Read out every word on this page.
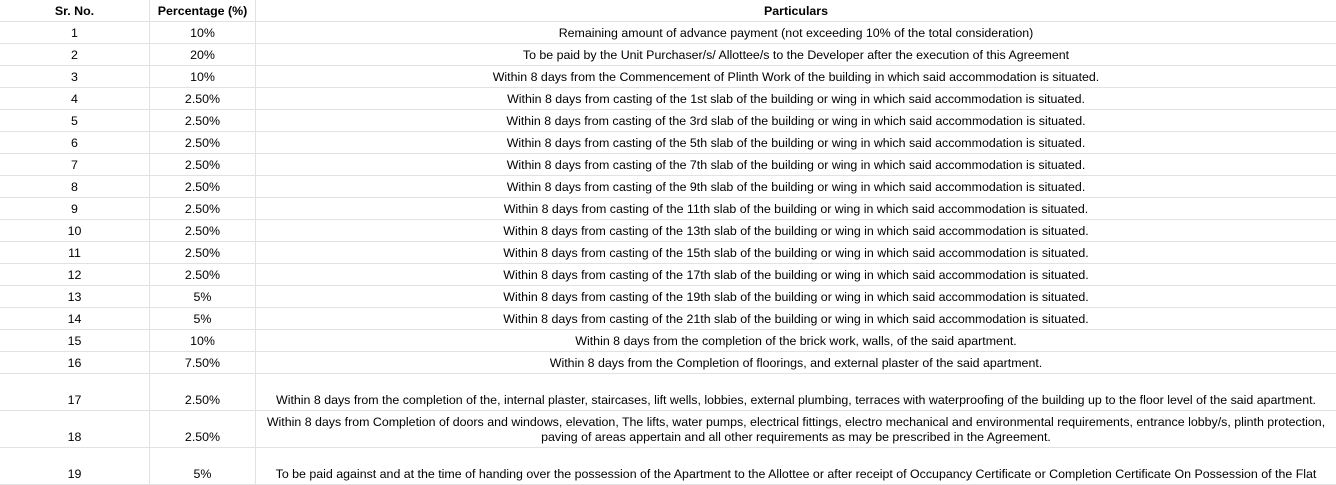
Sr. No.	Percentage (%)	Particulars
1	10%	Remaining amount of advance payment (not exceeding 10% of the total consideration)
2	20%	To be paid by the Unit Purchaser/s/ Allottee/s to the Developer after the execution of this Agreement
3	10%	Within 8 days from the Commencement of Plinth Work of the building in which said accommodation is situated.
4	2.50%	Within 8 days from casting of the 1st slab of the building or wing in which said accommodation is situated.
5	2.50%	Within 8 days from casting of the 3rd slab of the building or wing in which said accommodation is situated.
6	2.50%	Within 8 days from casting of the 5th slab of the building or wing in which said accommodation is situated.
7	2.50%	Within 8 days from casting of the 7th slab of the building or wing in which said accommodation is situated.
8	2.50%	Within 8 days from casting of the 9th slab of the building or wing in which said accommodation is situated.
9	2.50%	Within 8 days from casting of the 11th slab of the building or wing in which said accommodation is situated.
10	2.50%	Within 8 days from casting of the 13th slab of the building or wing in which said accommodation is situated.
11	2.50%	Within 8 days from casting of the 15th slab of the building or wing in which said accommodation is situated.
12	2.50%	Within 8 days from casting of the 17th slab of the building or wing in which said accommodation is situated.
13	5%	Within 8 days from casting of the 19th slab of the building or wing in which said accommodation is situated.
14	5%	Within 8 days from casting of the 21th slab of the building or wing in which said accommodation is situated.
15	10%	Within 8 days from the completion of the brick work, walls, of the said apartment.
16	7.50%	Within 8 days from the Completion of floorings, and external plaster of the said apartment.
17	2.50%	Within 8 days from the completion of the, internal plaster, staircases, lift wells, lobbies, external plumbing, terraces with waterproofing of the building up to the floor level of the said apartment.
18	2.50%	Within 8 days from Completion of doors and windows, elevation, The lifts, water pumps, electrical fittings, electro mechanical and environmental requirements, entrance lobby/s, plinth protection, paving of areas appertain and all other requirements as may be prescribed in the Agreement.
19	5%	To be paid against and at the time of handing over the possession of the Apartment to the Allottee or after receipt of Occupancy Certificate or Completion Certificate On Possession of the Flat
